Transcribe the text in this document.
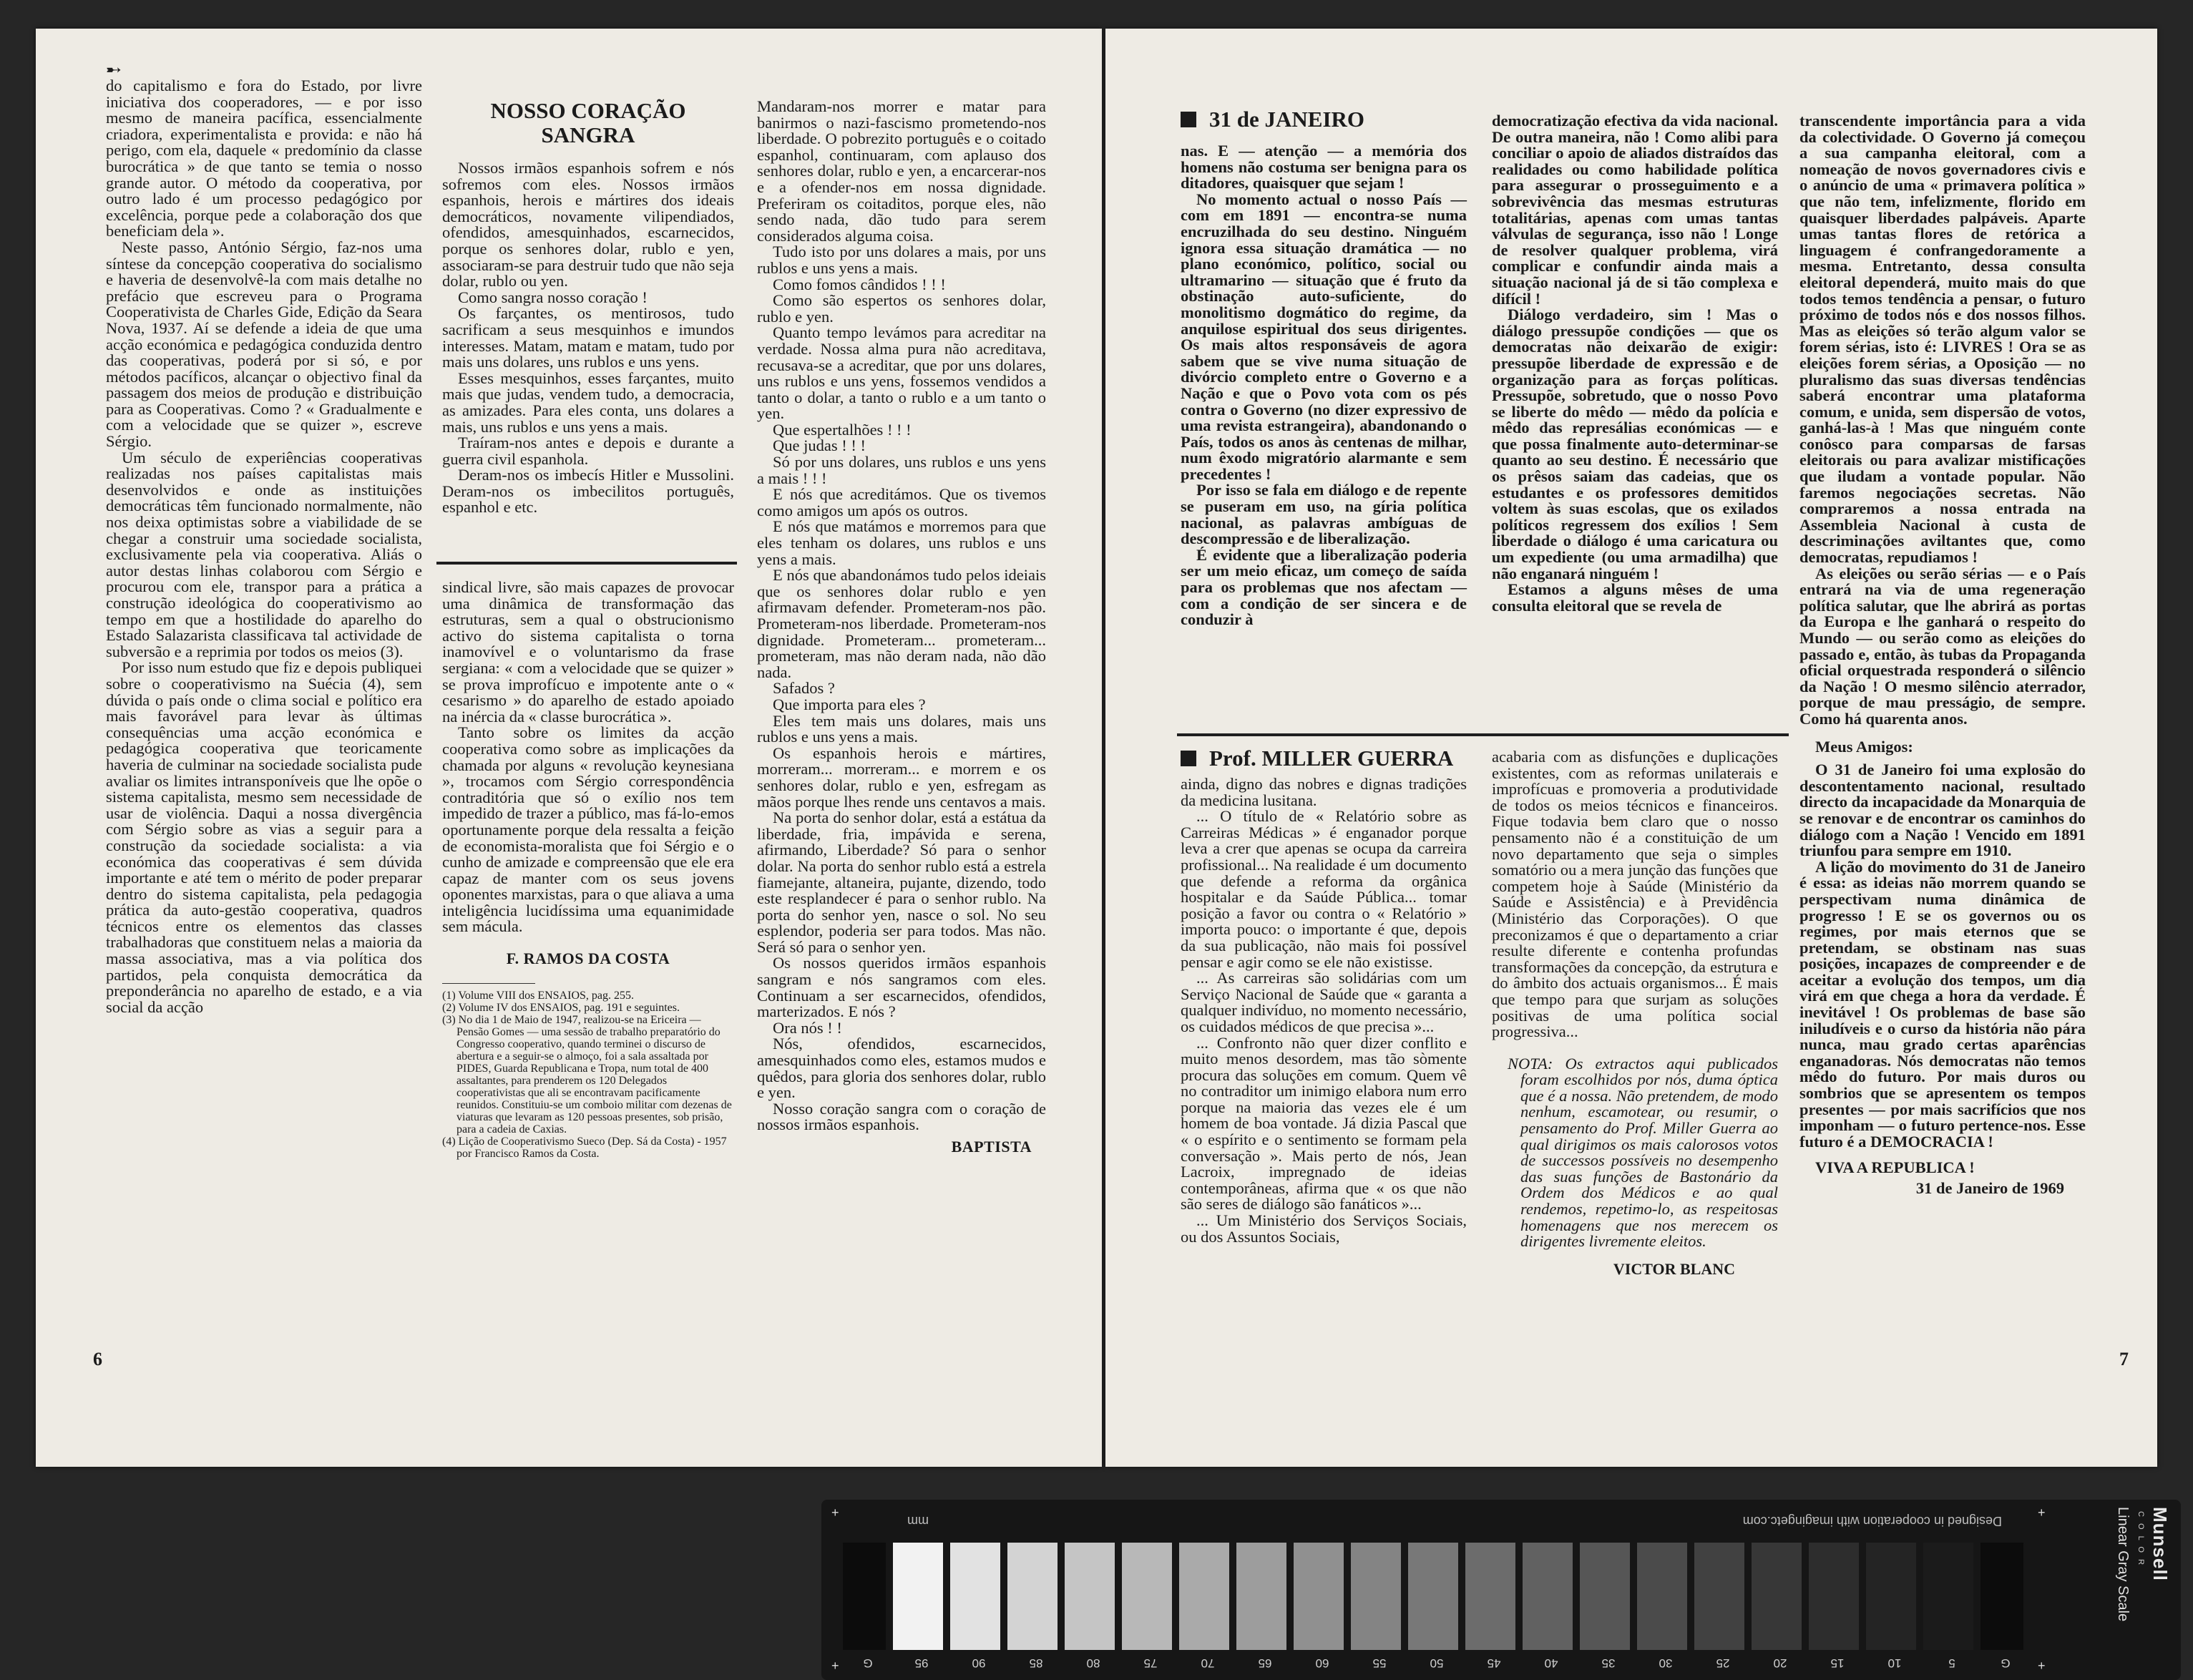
➸

do capitalismo e fora do Estado, por livre iniciativa dos cooperadores, — e por isso mesmo de maneira pacífica, essencialmente criadora, experimentalista e provida: e não há perigo, com ela, daquele « predomínio da classe burocrática » de que tanto se temia o nosso grande autor. O método da cooperativa, por outro lado é um processo pedagógico por excelência, porque pede a colaboração dos que beneficiam dela ».

Neste passo, António Sérgio, faz-nos uma síntese da concepção cooperativa do socialismo e haveria de desenvolvê-la com mais detalhe no prefácio que escreveu para o Programa Cooperativista de Charles Gide, Edição da Seara Nova, 1937. Aí se defende a ideia de que uma acção económica e pedagógica conduzida dentro das cooperativas, poderá por si só, e por métodos pacíficos, alcançar o objectivo final da passagem dos meios de produção e distribuição para as Cooperativas. Como ? « Gradualmente e com a velocidade que se quizer », escreve Sérgio.

Um século de experiências cooperativas realizadas nos países capitalistas mais desenvolvidos e onde as instituições democráticas têm funcionado normalmente, não nos deixa optimistas sobre a viabilidade de se chegar a construir uma sociedade socialista, exclusivamente pela via cooperativa. Aliás o autor destas linhas colaborou com Sérgio e procurou com ele, transpor para a prática a construção ideológica do cooperativismo ao tempo em que a hostilidade do aparelho do Estado Salazarista classificava tal actividade de subversão e a reprimia por todos os meios (3).

Por isso num estudo que fiz e depois publiquei sobre o cooperativismo na Suécia (4), sem dúvida o país onde o clima social e político era mais favorável para levar às últimas consequências uma acção económica e pedagógica cooperativa que teoricamente haveria de culminar na sociedade socialista pude avaliar os limites intransponíveis que lhe opõe o sistema capitalista, mesmo sem necessidade de usar de violência. Daqui a nossa divergência com Sérgio sobre as vias a seguir para a construção da sociedade socialista: a via económica das cooperativas é sem dúvida importante e até tem o mérito de poder preparar dentro do sistema capitalista, pela pedagogia prática da auto-gestão cooperativa, quadros técnicos entre os elementos das classes trabalhadoras que constituem nelas a maioria da massa associativa, mas a via política dos partidos, pela conquista democrática da preponderância no aparelho de estado, e a via social da acção

NOSSO CORAÇÃO SANGRA

Nossos irmãos espanhois sofrem e nós sofremos com eles. Nossos irmãos espanhois, herois e mártires dos ideais democráticos, novamente vilipendiados, ofendidos, amesquinhados, escarnecidos, porque os senhores dolar, rublo e yen, associaram-se para destruir tudo que não seja dolar, rublo ou yen.

Como sangra nosso coração !

Os farçantes, os mentirosos, tudo sacrificam a seus mesquinhos e imundos interesses. Matam, matam e matam, tudo por mais uns dolares, uns rublos e uns yens.

Esses mesquinhos, esses farçantes, muito mais que judas, vendem tudo, a democracia, as amizades. Para eles conta, uns dolares a mais, uns rublos e uns yens a mais.

Traíram-nos antes e depois e durante a guerra civil espanhola.

Deram-nos os imbecís Hitler e Mussolini. Deram-nos os imbecilitos português, espanhol e etc.

sindical livre, são mais capazes de provocar uma dinâmica de transformação das estruturas, sem a qual o obstrucionismo activo do sistema capitalista o torna inamovível e o voluntarismo da frase sergiana: « com a velocidade que se quizer » se prova improfícuo e impotente ante o « cesarismo » do aparelho de estado apoiado na inércia da « classe burocrática ».

Tanto sobre os limites da acção cooperativa como sobre as implicações da chamada por alguns « revolução keynesiana », trocamos com Sérgio correspondência contraditória que só o exílio nos tem impedido de trazer a público, mas fá-lo-emos oportunamente porque dela ressalta a feição de economista-moralista que foi Sérgio e o cunho de amizade e compreensão que ele era capaz de manter com os seus jovens oponentes marxistas, para o que aliava a uma inteligência lucidíssima uma equanimidade sem mácula.

F. RAMOS DA COSTA
(1) Volume VIII dos ENSAIOS, pag. 255.
(2) Volume IV dos ENSAIOS, pag. 191 e seguintes.
(3) No dia 1 de Maio de 1947, realizou-se na Ericeira — Pensão Gomes — uma sessão de trabalho preparatório do Congresso cooperativo, quando terminei o discurso de abertura e a seguir-se o almoço, foi a sala assaltada por PIDES, Guarda Republicana e Tropa, num total de 400 assaltantes, para prenderem os 120 Delegados cooperativistas que ali se encontravam pacificamente reunidos. Constituiu-se um comboio militar com dezenas de viaturas que levaram as 120 pessoas presentes, sob prisão, para a cadeia de Caxias.
(4) Lição de Cooperativismo Sueco (Dep. Sá da Costa) - 1957 por Francisco Ramos da Costa.

Mandaram-nos morrer e matar para banirmos o nazi-fascismo prometendo-nos liberdade. O pobrezito português e o coitado espanhol, continuaram, com aplauso dos senhores dolar, rublo e yen, a encarcerar-nos e a ofender-nos em nossa dignidade. Preferiram os coitaditos, porque eles, não sendo nada, dão tudo para serem considerados alguma coisa.

Tudo isto por uns dolares a mais, por uns rublos e uns yens a mais.

Como fomos cândidos ! ! !

Como são espertos os senhores dolar, rublo e yen.

Quanto tempo levámos para acreditar na verdade. Nossa alma pura não acreditava, recusava-se a acreditar, que por uns dolares, uns rublos e uns yens, fossemos vendidos a tanto o dolar, a tanto o rublo e a um tanto o yen.

Que espertalhões ! ! !

Que judas ! ! !

Só por uns dolares, uns rublos e uns yens a mais ! ! !

E nós que acreditámos. Que os tivemos como amigos um após os outros.

E nós que matámos e morremos para que eles tenham os dolares, uns rublos e uns yens a mais.

E nós que abandonámos tudo pelos ideiais que os senhores dolar rublo e yen afirmavam defender. Prometeram-nos pão. Prometeram-nos liberdade. Prometeram-nos dignidade. Prometeram... prometeram... prometeram, mas não deram nada, não dão nada.

Safados ?

Que importa para eles ?

Eles tem mais uns dolares, mais uns rublos e uns yens a mais.

Os espanhois herois e mártires, morreram... morreram... e morrem e os senhores dolar, rublo e yen, esfregam as mãos porque lhes rende uns centavos a mais.

Na porta do senhor dolar, está a estátua da liberdade, fria, impávida e serena, afirmando, Liberdade? Só para o senhor dolar. Na porta do senhor rublo está a estrela fiamejante, altaneira, pujante, dizendo, todo este resplandecer é para o senhor rublo. Na porta do senhor yen, nasce o sol. No seu esplendor, poderia ser para todos. Mas não. Será só para o senhor yen.

Os nossos queridos irmãos espanhois sangram e nós sangramos com eles. Continuam a ser escarnecidos, ofendidos, marterizados. E nós ?

Ora nós ! !

Nós, ofendidos, escarnecidos, amesquinhados como eles, estamos mudos e quêdos, para gloria dos senhores dolar, rublo e yen.

Nosso coração sangra com o coração de nossos irmãos espanhois.

BAPTISTA
6
31 de JANEIRO

nas. E — atenção — a memória dos homens não costuma ser benigna para os ditadores, quaisquer que sejam !

No momento actual o nosso País — com em 1891 — encontra-se numa encruzilhada do seu destino. Ninguém ignora essa situação dramática — no plano económico, político, social ou ultramarino — situação que é fruto da obstinação auto-suficiente, do monolitismo dogmático do regime, da anquilose espiritual dos seus dirigentes. Os mais altos responsáveis de agora sabem que se vive numa situação de divórcio completo entre o Governo e a Nação e que o Povo vota com os pés contra o Governo (no dizer expressivo de uma revista estrangeira), abandonando o País, todos os anos às centenas de milhar, num êxodo migratório alarmante e sem precedentes !

Por isso se fala em diálogo e de repente se puseram em uso, na gíria política nacional, as palavras ambíguas de descompressão e de liberalização.

É evidente que a liberalização poderia ser um meio eficaz, um começo de saída para os problemas que nos afectam — com a condição de ser sincera e de conduzir à

democratização efectiva da vida nacional. De outra maneira, não ! Como alibi para conciliar o apoio de aliados distraídos das realidades ou como habilidade política para assegurar o prosseguimento e a sobrevivência das mesmas estruturas totalitárias, apenas com umas tantas válvulas de segurança, isso não ! Longe de resolver qualquer problema, virá complicar e confundir ainda mais a situação nacional já de si tão complexa e difícil !

Diálogo verdadeiro, sim ! Mas o diálogo pressupõe condições — que os democratas não deixarão de exigir: pressupõe liberdade de expressão e de organização para as forças políticas. Pressupõe, sobretudo, que o nosso Povo se liberte do mêdo — mêdo da polícia e mêdo das represálias económicas — e que possa finalmente auto-determinar-se quanto ao seu destino. É necessário que os prêsos saiam das cadeias, que os estudantes e os professores demitidos voltem às suas escolas, que os exilados políticos regressem dos exílios ! Sem liberdade o diálogo é uma caricatura ou um expediente (ou uma armadilha) que não enganará ninguém !

Estamos a alguns mêses de uma consulta eleitoral que se revela de

transcendente importância para a vida da colectividade. O Governo já começou a sua campanha eleitoral, com a nomeação de novos governadores civis e o anúncio de uma « primavera política » que não tem, infelizmente, florido em quaisquer liberdades palpáveis. Aparte umas tantas flores de retórica a linguagem é confrangedoramente a mesma. Entretanto, dessa consulta eleitoral dependerá, muito mais do que todos temos tendência a pensar, o futuro próximo de todos nós e dos nossos filhos. Mas as eleições só terão algum valor se forem sérias, isto é: LIVRES ! Ora se as eleições forem sérias, a Oposição — no pluralismo das suas diversas tendências saberá encontrar uma plataforma comum, e unida, sem dispersão de votos, ganhá-las-à ! Mas que ninguém conte conôsco para comparsas de farsas eleitorais ou para avalizar mistificações que iludam a vontade popular. Não faremos negociações secretas. Não compraremos a nossa entrada na Assembleia Nacional à custa de descriminações aviltantes que, como democratas, repudiamos !

As eleições ou serão sérias — e o País entrará na via de uma regeneração política salutar, que lhe abrirá as portas da Europa e lhe ganhará o respeito do Mundo — ou serão como as eleições do passado e, então, às tubas da Propaganda oficial orquestrada responderá o silêncio da Nação ! O mesmo silêncio aterrador, porque de mau presságio, de sempre. Como há quarenta anos.

Meus Amigos:

O 31 de Janeiro foi uma explosão do descontentamento nacional, resultado directo da incapacidade da Monarquia de se renovar e de encontrar os caminhos do diálogo com a Nação ! Vencido em 1891 triunfou para sempre em 1910.

A lição do movimento do 31 de Janeiro é essa: as ideias não morrem quando se perspectivam numa dinâmica de progresso ! E se os governos ou os regimes, por mais eternos que se pretendam, se obstinam nas suas posições, incapazes de compreender e de aceitar a evolução dos tempos, um dia virá em que chega a hora da verdade. É inevitável ! Os problemas de base são iniludíveis e o curso da história não pára nunca, mau grado certas aparências enganadoras. Nós democratas não temos mêdo do futuro. Por mais duros ou sombrios que se apresentem os tempos presentes — por mais sacrifícios que nos imponham — o futuro pertence-nos. Esse futuro é a DEMOCRACIA !

VIVA A REPUBLICA !

31 de Janeiro de 1969

Prof. MILLER GUERRA

ainda, digno das nobres e dignas tradições da medicina lusitana.

... O título de « Relatório sobre as Carreiras Médicas » é enganador porque leva a crer que apenas se ocupa da carreira profissional... Na realidade é um documento que defende a reforma da orgânica hospitalar e da Saúde Pública... tomar posição a favor ou contra o « Relatório » importa pouco: o importante é que, depois da sua publicação, não mais foi possível pensar e agir como se ele não existisse.

... As carreiras são solidárias com um Serviço Nacional de Saúde que « garanta a qualquer indivíduo, no momento necessário, os cuidados médicos de que precisa »...

... Confronto não quer dizer conflito e muito menos desordem, mas tão sòmente procura das soluções em comum. Quem vê no contraditor um inimigo elabora num erro porque na maioria das vezes ele é um homem de boa vontade. Já dizia Pascal que « o espírito e o sentimento se formam pela conversação ». Mais perto de nós, Jean Lacroix, impregnado de ideias contemporâneas, afirma que « os que não são seres de diálogo são fanáticos »...

... Um Ministério dos Serviços Sociais, ou dos Assuntos Sociais,

acabaria com as disfunções e duplicações existentes, com as reformas unilaterais e improfícuas e promoveria a produtividade de todos os meios técnicos e financeiros. Fique todavia bem claro que o nosso pensamento não é a constituição de um novo departamento que seja o simples somatório ou a mera junção das funções que competem hoje à Saúde (Ministério da Saúde e Assistência) e à Previdência (Ministério das Corporações). O que preconizamos é que o departamento a criar resulte diferente e contenha profundas transformações da concepção, da estrutura e do âmbito dos actuais organismos... É mais que tempo para que surjam as soluções positivas de uma política social progressiva...

NOTA: Os extractos aqui publicados foram escolhidos por nós, duma óptica que é a nossa. Não pretendem, de modo nenhum, escamotear, ou resumir, o pensamento do Prof. Miller Guerra ao qual dirigimos os mais calorosos votos de successos possíveis no desempenho das suas funções de Bastonário da Ordem dos Médicos e ao qual rendemos, repetimo-lo, as respeitosas homenagens que nos merecem os dirigentes livremente eleitos.

VICTOR BLANC
7
Designed in cooperation with imagingetc.com
mm
+	+
+	+
G	95	90	85	80	75	70	65	60	55	50	45	40	35	30	25	20	15	10	5	G
Munsell
C O L O R
Linear Gray Scale
